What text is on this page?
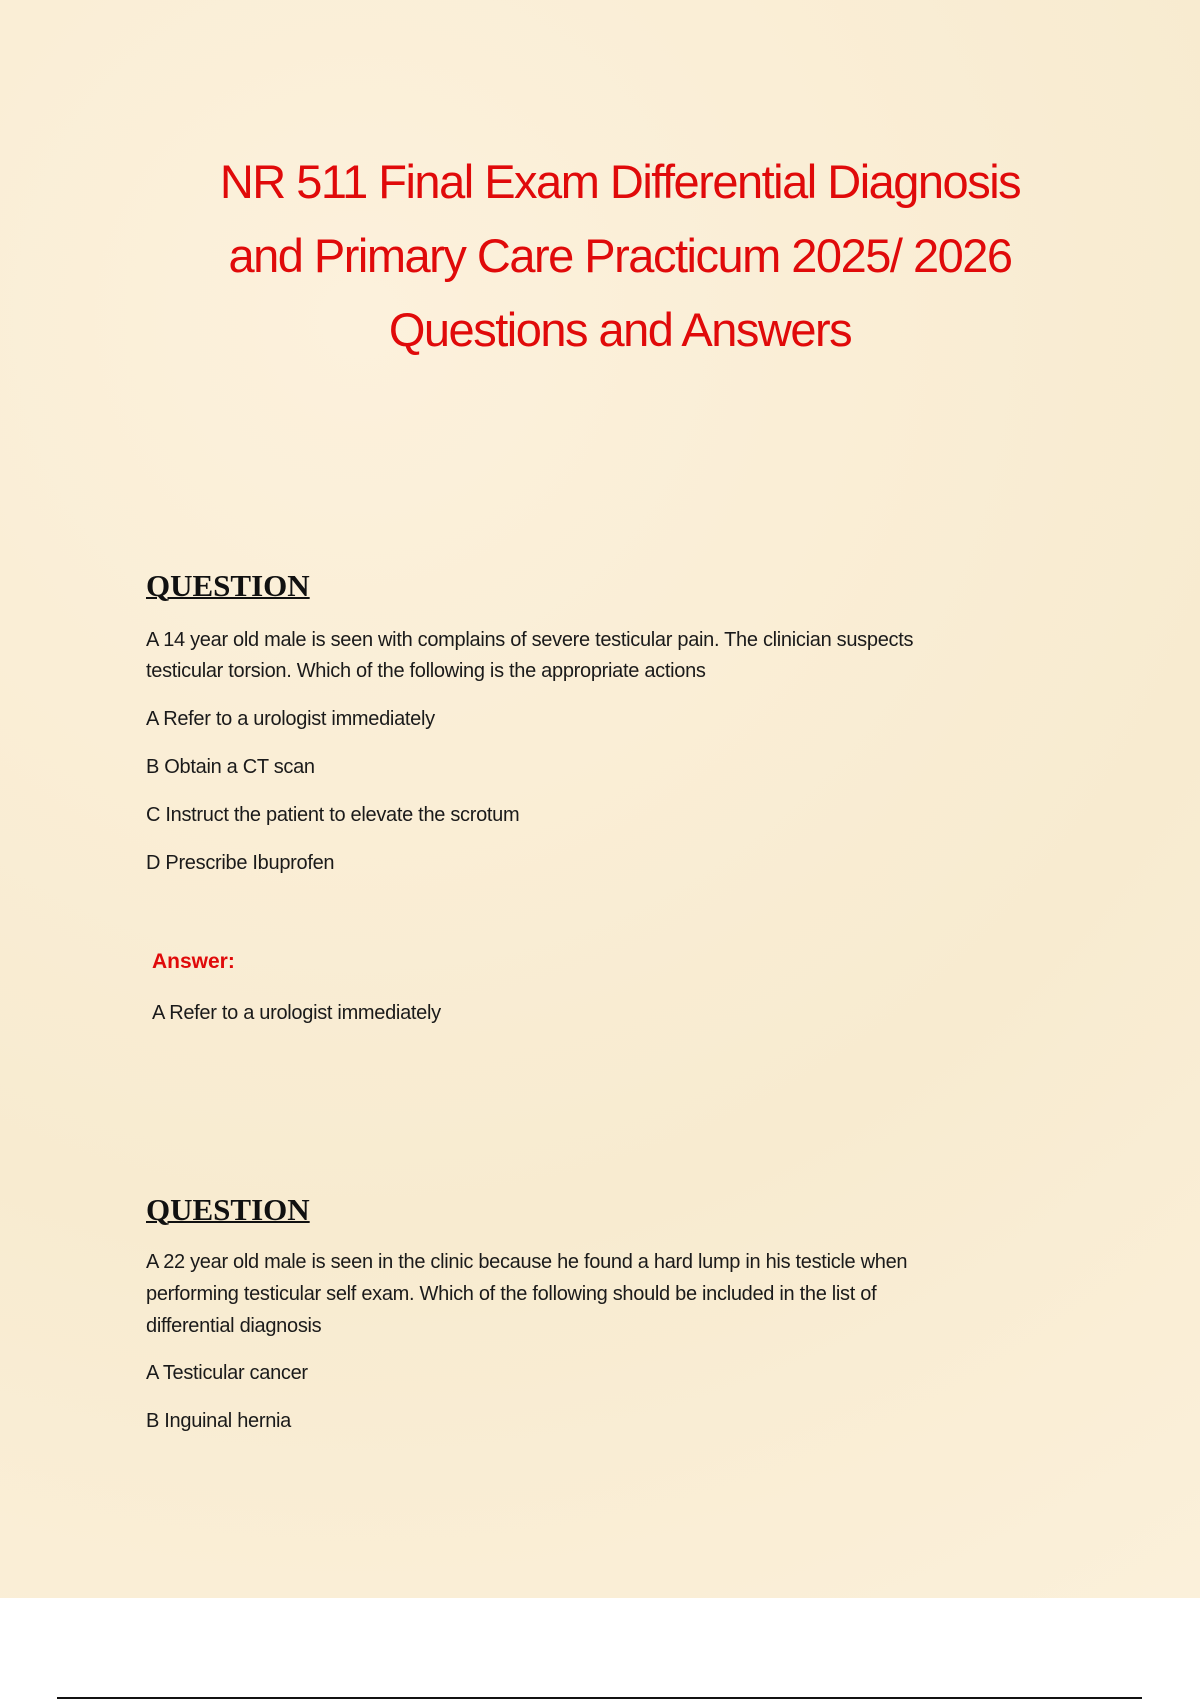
NR 511 Final Exam Differential Diagnosis
and Primary Care Practicum 2025/ 2026
Questions and Answers
QUESTION
A 14 year old male is seen with complains of severe testicular pain. The clinician suspects
testicular torsion. Which of the following is the appropriate actions
A Refer to a urologist immediately
B Obtain a CT scan
C Instruct the patient to elevate the scrotum
D Prescribe Ibuprofen
Answer:
A Refer to a urologist immediately
QUESTION
A 22 year old male is seen in the clinic because he found a hard lump in his testicle when
performing testicular self exam. Which of the following should be included in the list of
differential diagnosis
A Testicular cancer
B Inguinal hernia
